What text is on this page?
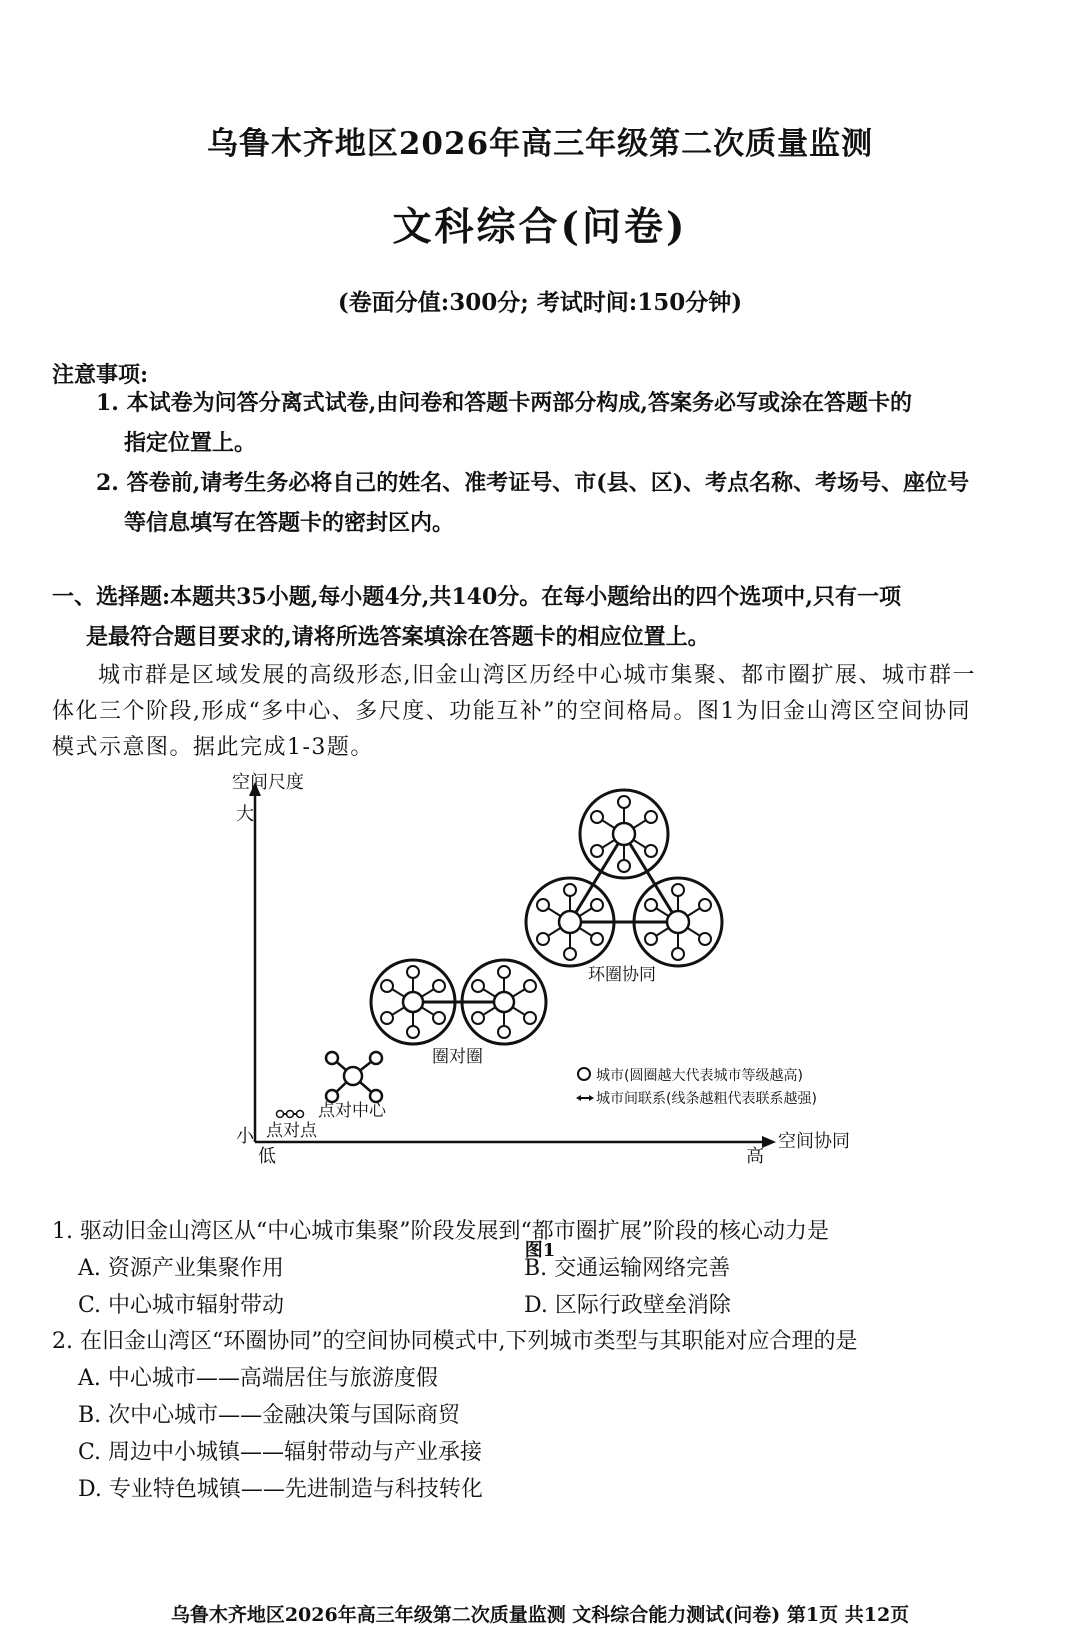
乌鲁木齐地区2026年高三年级第二次质量监测
文科综合(问卷)
(卷面分值:300分; 考试时间:150分钟)
注意事项:
1. 本试卷为问答分离式试卷,由问卷和答题卡两部分构成,答案务必写或涂在答题卡的
指定位置上。
2. 答卷前,请考生务必将自己的姓名、准考证号、市(县、区)、考点名称、考场号、座位号
等信息填写在答题卡的密封区内。
一、选择题:本题共35小题,每小题4分,共140分。在每小题给出的四个选项中,只有一项
是最符合题目要求的,请将所选答案填涂在答题卡的相应位置上。
城市群是区域发展的高级形态,旧金山湾区历经中心城市集聚、都市圈扩展、城市群一
体化三个阶段,形成“多中心、多尺度、功能互补”的空间格局。图1为旧金山湾区空间协同
模式示意图。据此完成1-3题。
空间尺度
大
小	空间协同
低	高
点对点
点对中心
圈对圈
环圈协同
城市(圆圈越大代表城市等级越高)
城市间联系(线条越粗代表联系越强)
图1
1. 驱动旧金山湾区从“中心城市集聚”阶段发展到“都市圈扩展”阶段的核心动力是
A. 资源产业集聚作用	B. 交通运输网络完善
C. 中心城市辐射带动	D. 区际行政壁垒消除
2. 在旧金山湾区“环圈协同”的空间协同模式中,下列城市类型与其职能对应合理的是
A. 中心城市——高端居住与旅游度假
B. 次中心城市——金融决策与国际商贸
C. 周边中小城镇——辐射带动与产业承接
D. 专业特色城镇——先进制造与科技转化
乌鲁木齐地区2026年高三年级第二次质量监测 文科综合能力测试(问卷) 第1页 共12页
